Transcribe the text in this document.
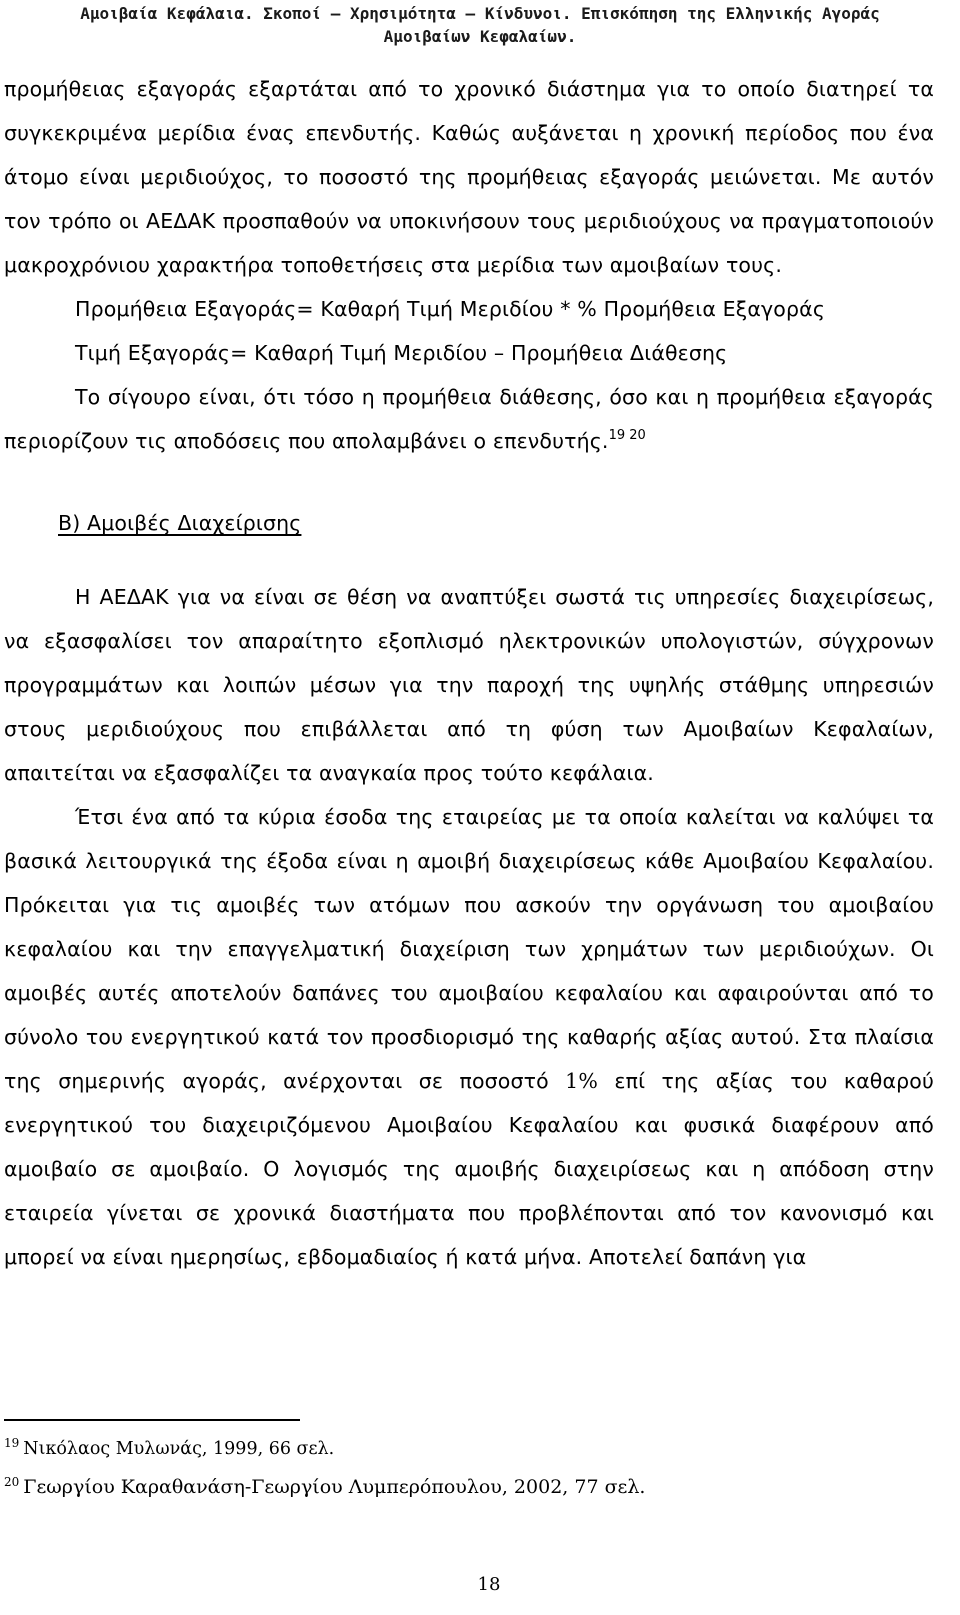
Αμοιβαία Κεφάλαια. Σκοποί – Χρησιμότητα – Κίνδυνοι. Επισκόπηση της Ελληνικής Αγοράς
Αμοιβαίων Κεφαλαίων.

προμήθειας εξαγοράς εξαρτάται από το χρονικό διάστημα για το οποίο διατηρεί τα συγκεκριμένα μερίδια ένας επενδυτής. Καθώς αυξάνεται η χρονική περίοδος που ένα άτομο είναι μεριδιούχος, το ποσοστό της προμήθειας εξαγοράς μειώνεται. Με αυτόν τον τρόπο οι ΑΕΔΑΚ προσπαθούν να υποκινήσουν τους μεριδιούχους να πραγματοποιούν μακροχρόνιου χαρακτήρα τοποθετήσεις στα μερίδια των αμοιβαίων τους.

Προμήθεια Εξαγοράς= Καθαρή Τιμή Μεριδίου * % Προμήθεια Εξαγοράς

Τιμή Εξαγοράς= Καθαρή Τιμή Μεριδίου – Προμήθεια Διάθεσης

Το σίγουρο είναι, ότι τόσο η προμήθεια διάθεσης, όσο και η προμήθεια εξαγοράς περιορίζουν τις αποδόσεις που απολαμβάνει ο επενδυτής.$^{19 20}$

Β) Αμοιβές Διαχείρισης

Η ΑΕΔΑΚ για να είναι σε θέση να αναπτύξει σωστά τις υπηρεσίες διαχειρίσεως, να εξασφαλίσει τον απαραίτητο εξοπλισμό ηλεκτρονικών υπολογιστών, σύγχρονων προγραμμάτων και λοιπών μέσων για την παροχή της υψηλής στάθμης υπηρεσιών στους μεριδιούχους που επιβάλλεται από τη φύση των Αμοιβαίων Κεφαλαίων, απαιτείται να εξασφαλίζει τα αναγκαία προς τούτο κεφάλαια.

Έτσι ένα από τα κύρια έσοδα της εταιρείας με τα οποία καλείται να καλύψει τα βασικά λειτουργικά της έξοδα είναι η αμοιβή διαχειρίσεως κάθε Αμοιβαίου Κεφαλαίου. Πρόκειται για τις αμοιβές των ατόμων που ασκούν την οργάνωση του αμοιβαίου κεφαλαίου και την επαγγελματική διαχείριση των χρημάτων των μεριδιούχων. Οι αμοιβές αυτές αποτελούν δαπάνες του αμοιβαίου κεφαλαίου και αφαιρούνται από το σύνολο του ενεργητικού κατά τον προσδιορισμό της καθαρής αξίας αυτού. Στα πλαίσια της σημερινής αγοράς, ανέρχονται σε ποσοστό 1% επί της αξίας του καθαρού ενεργητικού του διαχειριζόμενου Αμοιβαίου Κεφαλαίου και φυσικά διαφέρουν από αμοιβαίο σε αμοιβαίο. Ο λογισμός της αμοιβής διαχειρίσεως και η απόδοση στην εταιρεία γίνεται σε χρονικά διαστήματα που προβλέπονται από τον κανονισμό και μπορεί να είναι ημερησίως, εβδομαδιαίος ή κατά μήνα. Αποτελεί δαπάνη για

$^{19}$ Νικόλαος Μυλωνάς, 1999, 66 σελ.
$^{20}$ Γεωργίου Καραθανάση-Γεωργίου Λυμπερόπουλου, 2002, 77 σελ.
18
